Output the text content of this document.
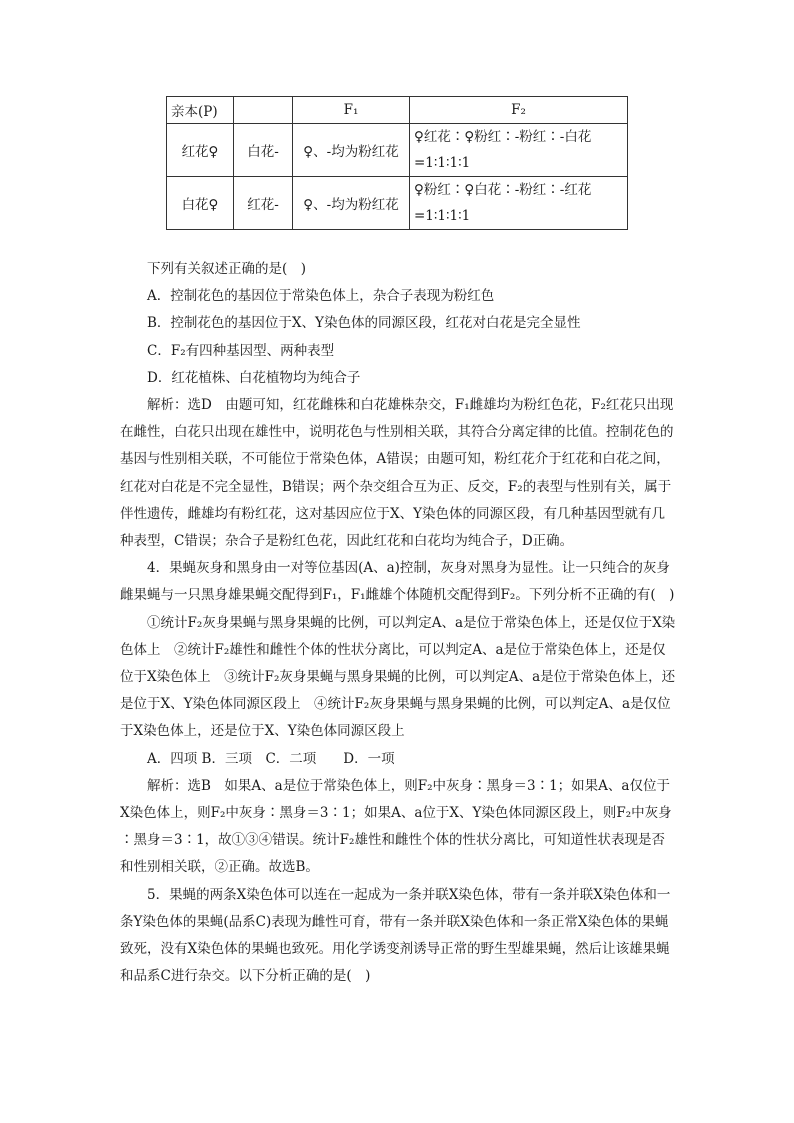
亲本(P)		F₁	F₂
红花♀	白花-	♀、-均为粉红花	♀红花∶♀粉红∶-粉红∶-白花
=1∶1∶1∶1

白花♀	红花-	♀、-均为粉红花	♀粉红∶♀白花∶-粉红∶-红花
=1∶1∶1∶1

下列有关叙述正确的是(　)

A．控制花色的基因位于常染色体上，杂合子表现为粉红色

B．控制花色的基因位于X、Y染色体的同源区段，红花对白花是完全显性

C．F₂有四种基因型、两种表型

D．红花植株、白花植物均为纯合子

解析：选D　由题可知，红花雌株和白花雄株杂交，F₁雌雄均为粉红色花，F₂红花只出现在雌性，白花只出现在雄性中，说明花色与性别相关联，其符合分离定律的比值。控制花色的基因与性别相关联，不可能位于常染色体，A错误；由题可知，粉红花介于红花和白花之间，红花对白花是不完全显性，B错误；两个杂交组合互为正、反交，F₂的表型与性别有关，属于伴性遗传，雌雄均有粉红花，这对基因应位于X、Y染色体的同源区段，有几种基因型就有几种表型，C错误；杂合子是粉红色花，因此红花和白花均为纯合子，D正确。

4．果蝇灰身和黑身由一对等位基因(A、a)控制，灰身对黑身为显性。让一只纯合的灰身雌果蝇与一只黑身雄果蝇交配得到F₁，F₁雌雄个体随机交配得到F₂。下列分析不正确的有(　)

①统计F₂灰身果蝇与黑身果蝇的比例，可以判定A、a是位于常染色体上，还是仅位于X染色体上　②统计F₂雄性和雌性个体的性状分离比，可以判定A、a是位于常染色体上，还是仅位于X染色体上　③统计F₂灰身果蝇与黑身果蝇的比例，可以判定A、a是位于常染色体上，还是位于X、Y染色体同源区段上　④统计F₂灰身果蝇与黑身果蝇的比例，可以判定A、a是仅位于X染色体上，还是位于X、Y染色体同源区段上

A．四项 B．三项　C．二项　　D．一项

解析：选B　如果A、a是位于常染色体上，则F₂中灰身∶黑身＝3∶1；如果A、a仅位于X染色体上，则F₂中灰身∶黑身＝3∶1；如果A、a位于X、Y染色体同源区段上，则F₂中灰身∶黑身＝3∶1，故①③④错误。统计F₂雄性和雌性个体的性状分离比，可知道性状表现是否和性别相关联，②正确。故选B。

5．果蝇的两条X染色体可以连在一起成为一条并联X染色体，带有一条并联X染色体和一条Y染色体的果蝇(品系C)表现为雌性可育，带有一条并联X染色体和一条正常X染色体的果蝇致死，没有X染色体的果蝇也致死。用化学诱变剂诱导正常的野生型雄果蝇，然后让该雄果蝇和品系C进行杂交。以下分析正确的是(　)
